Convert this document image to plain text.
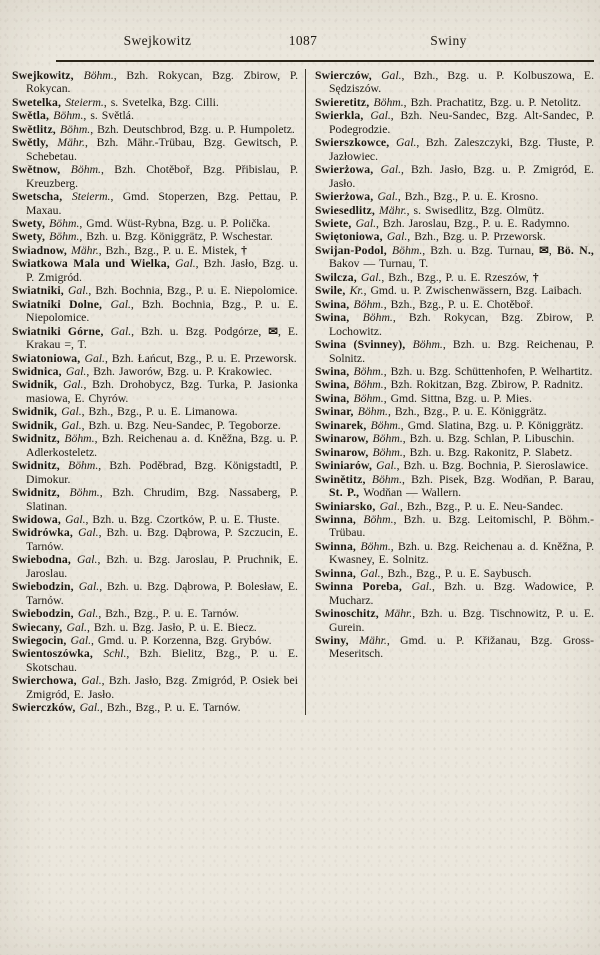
Swejkowitz	1087	Swiny

Swejkowitz, Böhm., Bzh. Rokycan, Bzg. Zbirow, P. Rokycan.

Swetelka, Steierm., s. Svetelka, Bzg. Cilli.

Swětla, Böhm., s. Světlá.

Swětlitz, Böhm., Bzh. Deutschbrod, Bzg. u. P. Humpoletz.

Swětly, Mähr., Bzh. Mähr.-Trübau, Bzg. Gewitsch, P. Schebetau.

Swětnow, Böhm., Bzh. Chotěboř, Bzg. Přibislau, P. Kreuzberg.

Swetscha, Steierm., Gmd. Stoperzen, Bzg. Pettau, P. Maxau.

Swety, Böhm., Gmd. Wüst-Rybna, Bzg. u. P. Polička.

Swety, Böhm., Bzh. u. Bzg. Königgrätz, P. Wschestar.

Swiadnow, Mähr., Bzh., Bzg., P. u. E. Mistek, †

Swiatkowa Mala und Wielka, Gal., Bzh. Jasło, Bzg. u. P. Zmigród.

Swiatniki, Gal., Bzh. Bochnia, Bzg., P. u. E. Niepolomice.

Swiatniki Dolne, Gal., Bzh. Bochnia, Bzg., P. u. E. Niepolomice.

Swiatniki Górne, Gal., Bzh. u. Bzg. Podgórze, ✉, E. Krakau =, T.

Swiatoniowa, Gal., Bzh. Łańcut, Bzg., P. u. E. Przeworsk.

Swidnica, Gal., Bzh. Jaworów, Bzg. u. P. Krakowiec.

Swidnik, Gal., Bzh. Drohobycz, Bzg. Turka, P. Jasionka masiowa, E. Chyrów.

Swidnik, Gal., Bzh., Bzg., P. u. E. Limanowa.

Swidnik, Gal., Bzh. u. Bzg. Neu-Sandec, P. Tegoborze.

Swidnitz, Böhm., Bzh. Reichenau a. d. Kněžna, Bzg. u. P. Adlerkosteletz.

Swidnitz, Böhm., Bzh. Poděbrad, Bzg. Königstadtl, P. Dimokur.

Swidnitz, Böhm., Bzh. Chrudim, Bzg. Nassaberg, P. Slatinan.

Swidowa, Gal., Bzh. u. Bzg. Czortków, P. u. E. Tłuste.

Swidrówka, Gal., Bzh. u. Bzg. Dąbrowa, P. Szczucin, E. Tarnów.

Swiebodna, Gal., Bzh. u. Bzg. Jaroslau, P. Pruchnik, E. Jaroslau.

Swiebodzin, Gal., Bzh. u. Bzg. Dąbrowa, P. Bolesław, E. Tarnów.

Swiebodzin, Gal., Bzh., Bzg., P. u. E. Tarnów.

Swiecany, Gal., Bzh. u. Bzg. Jasło, P. u. E. Biecz.

Swiegocin, Gal., Gmd. u. P. Korzenna, Bzg. Grybów.

Swientoszówka, Schl., Bzh. Bielitz, Bzg., P. u. E. Skotschau.

Swierchowa, Gal., Bzh. Jasło, Bzg. Zmigród, P. Osiek bei Zmigród, E. Jasło.

Swierczków, Gal., Bzh., Bzg., P. u. E. Tarnów.

Swierczów, Gal., Bzh., Bzg. u. P. Kolbuszowa, E. Sędziszów.

Swieretitz, Böhm., Bzh. Prachatitz, Bzg. u. P. Netolitz.

Swierkla, Gal., Bzh. Neu-Sandec, Bzg. Alt-Sandec, P. Podegrodzie.

Swierszkowce, Gal., Bzh. Zaleszczyki, Bzg. Tłuste, P. Jazłowiec.

Swierżowa, Gal., Bzh. Jasło, Bzg. u. P. Zmigród, E. Jasło.

Swierżowa, Gal., Bzh., Bzg., P. u. E. Krosno.

Swiesedlitz, Mähr., s. Swisedlitz, Bzg. Olmütz.

Swiete, Gal., Bzh. Jaroslau, Bzg., P. u. E. Radymno.

Swiętoniowa, Gal., Bzh., Bzg. u. P. Przeworsk.

Swijan-Podol, Böhm., Bzh. u. Bzg. Turnau, ✉, Bö. N., Bakov — Turnau, T.

Swilcza, Gal., Bzh., Bzg., P. u. E. Rzeszów, †

Swile, Kr., Gmd. u. P. Zwischenwässern, Bzg. Laibach.

Swina, Böhm., Bzh., Bzg., P. u. E. Chotěboř.

Swina, Böhm., Bzh. Rokycan, Bzg. Zbirow, P. Lochowitz.

Swina (Svinney), Böhm., Bzh. u. Bzg. Reichenau, P. Solnitz.

Swina, Böhm., Bzh. u. Bzg. Schüttenhofen, P. Welhartitz.

Swina, Böhm., Bzh. Rokitzan, Bzg. Zbirow, P. Radnitz.

Swina, Böhm., Gmd. Sittna, Bzg. u. P. Mies.

Swinar, Böhm., Bzh., Bzg., P. u. E. Königgrätz.

Swinarek, Böhm., Gmd. Slatina, Bzg. u. P. Königgrätz.

Swinarow, Böhm., Bzh. u. Bzg. Schlan, P. Libuschin.

Swinarow, Böhm., Bzh. u. Bzg. Rakonitz, P. Slabetz.

Swiniarów, Gal., Bzh. u. Bzg. Bochnia, P. Sieroslawice.

Swinětitz, Böhm., Bzh. Pisek, Bzg. Wodňan, P. Barau, St. P., Wodňan — Wallern.

Swiniarsko, Gal., Bzh., Bzg., P. u. E. Neu-Sandec.

Swinna, Böhm., Bzh. u. Bzg. Leitomischl, P. Böhm.-Trübau.

Swinna, Böhm., Bzh. u. Bzg. Reichenau a. d. Kněžna, P. Kwasney, E. Solnitz.

Swinna, Gal., Bzh., Bzg., P. u. E. Saybusch.

Swinna Poreba, Gal., Bzh. u. Bzg. Wadowice, P. Mucharz.

Swinoschitz, Mähr., Bzh. u. Bzg. Tischnowitz, P. u. E. Gurein.

Swiny, Mähr., Gmd. u. P. Křižanau, Bzg. Gross-Meseritsch.
